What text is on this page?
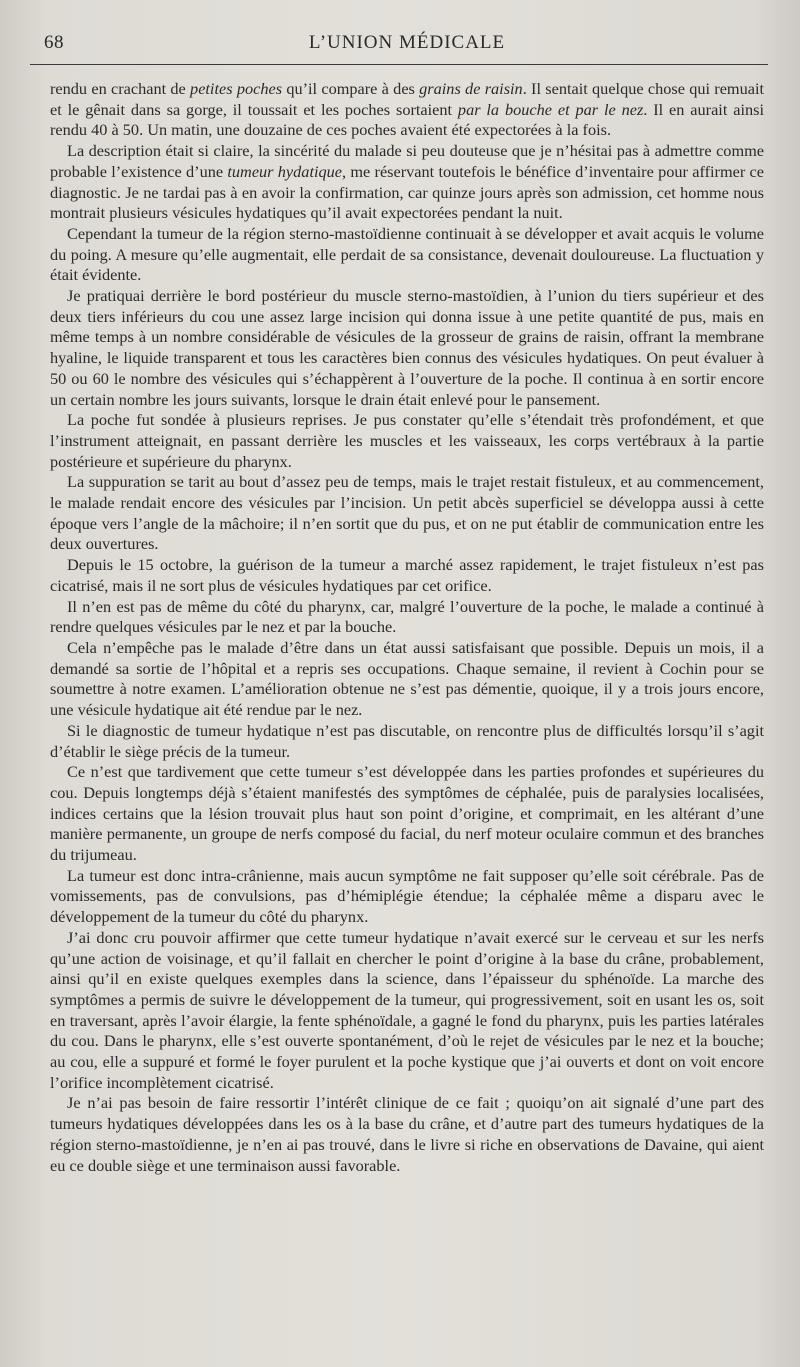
68	L’UNION MÉDICALE

rendu en crachant de petites poches qu’il compare à des grains de raisin. Il sentait quelque chose qui remuait et le gênait dans sa gorge, il toussait et les poches sortaient par la bouche et par le nez. Il en aurait ainsi rendu 40 à 50. Un matin, une douzaine de ces poches avaient été expectorées à la fois.

La description était si claire, la sincérité du malade si peu douteuse que je n’hésitai pas à admettre comme probable l’existence d’une tumeur hydatique, me réservant toutefois le bénéfice d’inventaire pour affirmer ce diagnostic. Je ne tardai pas à en avoir la confirmation, car quinze jours après son admission, cet homme nous montrait plusieurs vésicules hydatiques qu’il avait expectorées pendant la nuit.

Cependant la tumeur de la région sterno-mastoïdienne continuait à se développer et avait acquis le volume du poing. A mesure qu’elle augmentait, elle perdait de sa consistance, devenait douloureuse. La fluctuation y était évidente.

Je pratiquai derrière le bord postérieur du muscle sterno-mastoïdien, à l’union du tiers supérieur et des deux tiers inférieurs du cou une assez large incision qui donna issue à une petite quantité de pus, mais en même temps à un nombre considérable de vésicules de la grosseur de grains de raisin, offrant la membrane hyaline, le liquide transparent et tous les caractères bien connus des vésicules hydatiques. On peut évaluer à 50 ou 60 le nombre des vésicules qui s’échappèrent à l’ouverture de la poche. Il continua à en sortir encore un certain nombre les jours suivants, lorsque le drain était enlevé pour le pansement.

La poche fut sondée à plusieurs reprises. Je pus constater qu’elle s’étendait très profondément, et que l’instrument atteignait, en passant derrière les muscles et les vaisseaux, les corps vertébraux à la partie postérieure et supérieure du pharynx.

La suppuration se tarit au bout d’assez peu de temps, mais le trajet restait fistuleux, et au commencement, le malade rendait encore des vésicules par l’incision. Un petit abcès superficiel se développa aussi à cette époque vers l’angle de la mâchoire; il n’en sortit que du pus, et on ne put établir de communication entre les deux ouvertures.

Depuis le 15 octobre, la guérison de la tumeur a marché assez rapidement, le trajet fistuleux n’est pas cicatrisé, mais il ne sort plus de vésicules hydatiques par cet orifice.

Il n’en est pas de même du côté du pharynx, car, malgré l’ouverture de la poche, le malade a continué à rendre quelques vésicules par le nez et par la bouche.

Cela n’empêche pas le malade d’être dans un état aussi satisfaisant que possible. Depuis un mois, il a demandé sa sortie de l’hôpital et a repris ses occupations. Chaque semaine, il revient à Cochin pour se soumettre à notre examen. L’amélioration obtenue ne s’est pas démentie, quoique, il y a trois jours encore, une vésicule hydatique ait été rendue par le nez.

Si le diagnostic de tumeur hydatique n’est pas discutable, on rencontre plus de difficultés lorsqu’il s’agit d’établir le siège précis de la tumeur.

Ce n’est que tardivement que cette tumeur s’est développée dans les parties profondes et supérieures du cou. Depuis longtemps déjà s’étaient manifestés des symptômes de céphalée, puis de paralysies localisées, indices certains que la lésion trouvait plus haut son point d’origine, et comprimait, en les altérant d’une manière permanente, un groupe de nerfs composé du facial, du nerf moteur oculaire commun et des branches du trijumeau.

La tumeur est donc intra-crânienne, mais aucun symptôme ne fait supposer qu’elle soit cérébrale. Pas de vomissements, pas de convulsions, pas d’hémiplégie étendue; la céphalée même a disparu avec le développement de la tumeur du côté du pharynx.

J’ai donc cru pouvoir affirmer que cette tumeur hydatique n’avait exercé sur le cerveau et sur les nerfs qu’une action de voisinage, et qu’il fallait en chercher le point d’origine à la base du crâne, probablement, ainsi qu’il en existe quelques exemples dans la science, dans l’épaisseur du sphénoïde. La marche des symptômes a permis de suivre le développement de la tumeur, qui progressivement, soit en usant les os, soit en traversant, après l’avoir élargie, la fente sphénoïdale, a gagné le fond du pharynx, puis les parties latérales du cou. Dans le pharynx, elle s’est ouverte spontanément, d’où le rejet de vésicules par le nez et la bouche; au cou, elle a suppuré et formé le foyer purulent et la poche kystique que j’ai ouverts et dont on voit encore l’orifice incomplètement cicatrisé.

Je n’ai pas besoin de faire ressortir l’intérêt clinique de ce fait ; quoiqu’on ait signalé d’une part des tumeurs hydatiques développées dans les os à la base du crâne, et d’autre part des tumeurs hydatiques de la région sterno-mastoïdienne, je n’en ai pas trouvé, dans le livre si riche en observations de Davaine, qui aient eu ce double siège et une terminaison aussi favorable.
